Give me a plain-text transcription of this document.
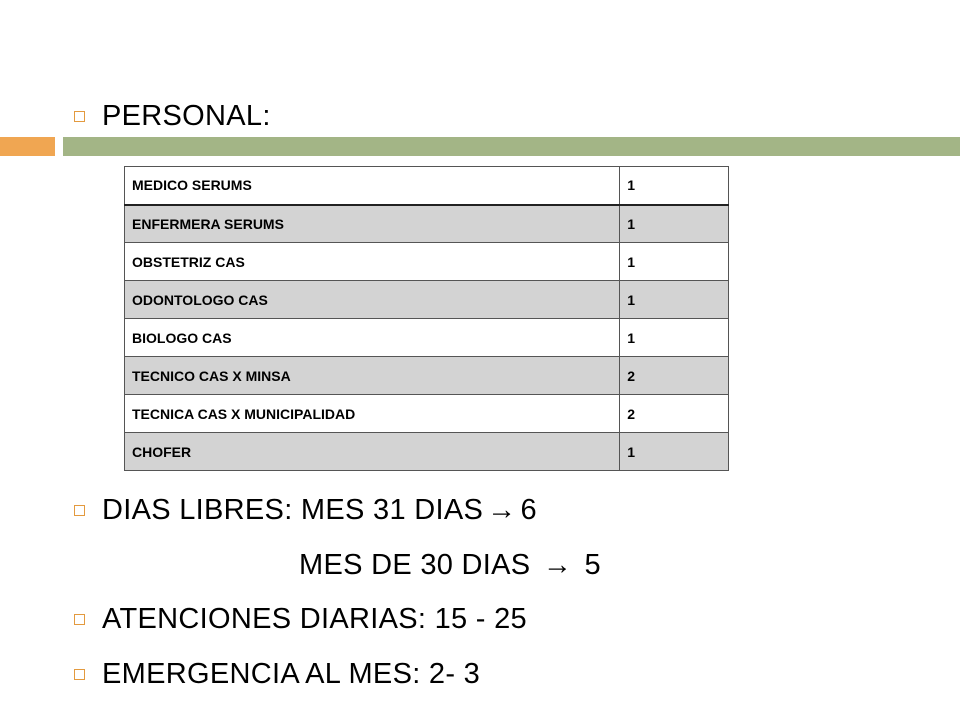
PERSONAL:
MEDICO SERUMS	1
ENFERMERA SERUMS	1
OBSTETRIZ CAS	1
ODONTOLOGO CAS	1
BIOLOGO CAS	1
TECNICO CAS X MINSA	2
TECNICA CAS X MUNICIPALIDAD	2
CHOFER	1
DIAS LIBRES: MES 31 DIAS → 6
MES DE 30 DIAS → 5
ATENCIONES DIARIAS: 15 - 25
EMERGENCIA AL MES: 2- 3
